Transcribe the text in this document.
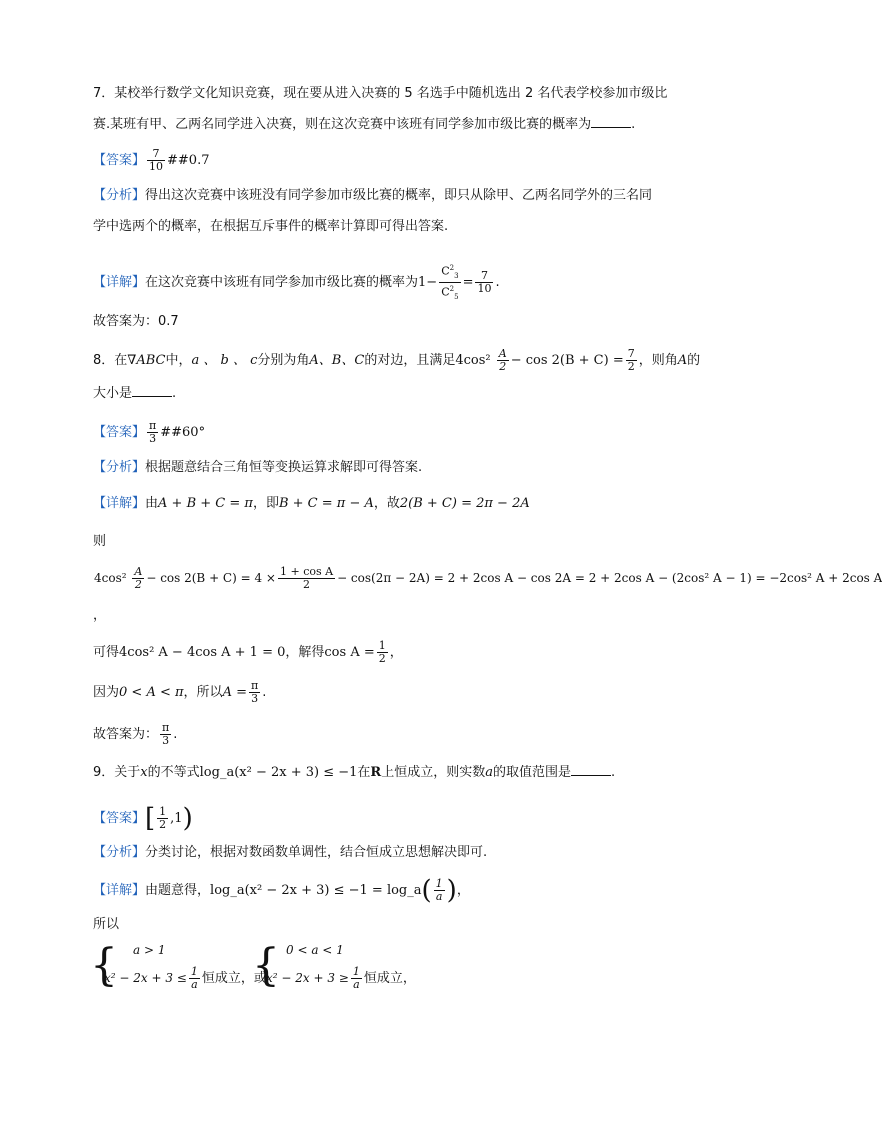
7．某校举行数学文化知识竞赛，现在要从进入决赛的 5 名选手中随机选出 2 名代表学校参加市级比
赛.某班有甲、乙两名同学进入决赛，则在这次竞赛中该班有同学参加市级比赛的概率为	.
【答案】 $\frac{7}{10}$ ##0.7
【分析】得出这次竞赛中该班没有同学参加市级比赛的概率，即只从除甲、乙两名同学外的三名同
学中选两个的概率，在根据互斥事件的概率计算即可得出答案.
【详解】在这次竞赛中该班有同学参加市级比赛的概率为$1- \frac{C^2_3}{C^2_5} = \frac{7}{10}$ .
故答案为：0.7
8．在∇ABC中，a 、 b 、 c分别为角A、B、C的对边，且满足$4\cos^2 \frac{A}{2} - \cos 2(B + C) = \frac{7}{2}$ ，则角A的
大小是	.
【答案】 $\frac{\pi}{3}$ ##60°
【分析】根据题意结合三角恒等变换运算求解即可得答案.
【详解】由A + B + C = π，即B + C = π − A，故2(B + C) = 2π − 2A
则
$4\cos^2 \frac{A}{2} - \cos 2(B + C) = 4 \times \frac{\text{1 + cos A}}{2} - \cos(2\pi - 2A) = 2 + 2\cos$ A − cos 2A = 2 + 2cos A − (2cos² A − 1) = −2cos² A + 2cos A
，
可得4cos² A − 4cos A + 1 = 0，解得$\cos A = \frac{1}{2}$ ，
因为0 < A < π，所以$A = \frac{\pi}{3}$ .
故答案为： $\frac{\pi}{3}$ .
9．关于x的不等式log_a(x² − 2x + 3) ≤ −1在R上恒成立，则实数a的取值范围是	.
【答案】[ $\frac{1}{2} ,1$)
【分析】分类讨论，根据对数函数单调性，结合恒成立思想解决即可.
【详解】由题意得，log_a(x² − 2x + 3) ≤ −1 = log_a( $\frac{1}{a}$ )，
所以
{ a > 1
$x^2 - 2x + 3 \le \frac{1}{a}$ 恒成立，或
{ 0 < a < 1
$x^2 - 2x + 3 \ge \frac{1}{a}$ 恒成立，
